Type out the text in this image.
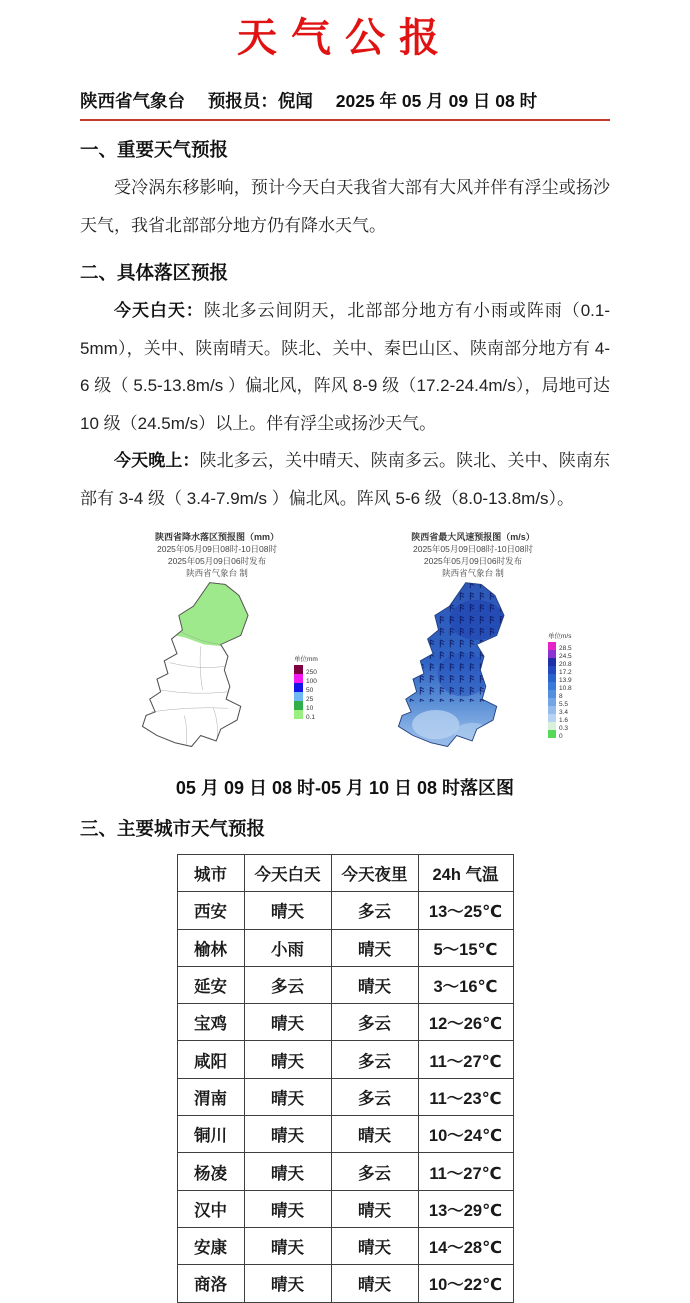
天气公报
陕西省气象台 预报员：倪闻 2025 年 05 月 09 日 08 时
一、重要天气预报

受冷涡东移影响，预计今天白天我省大部有大风并伴有浮尘或扬沙天气，我省北部部分地方仍有降水天气。

二、具体落区预报

今天白天：陕北多云间阴天，北部部分地方有小雨或阵雨（0.1-5mm），关中、陕南晴天。陕北、关中、秦巴山区、陕南部分地方有 4-6 级（ 5.5-13.8m/s ）偏北风，阵风 8-9 级（17.2-24.4m/s），局地可达 10 级（24.5m/s）以上。伴有浮尘或扬沙天气。

今天晚上：陕北多云，关中晴天、陕南多云。陕北、关中、陕南东部有 3-4 级（ 3.4-7.9m/s ）偏北风。阵风 5-6 级（8.0-13.8m/s）。

陕西省降水落区预报图（mm）
2025年05月09日08时-10日08时
2025年05月09日06时发布
陕西省气象台 制

单位mm
250
100
50
25
10
0.1

陕西省最大风速预报图（m/s）
2025年05月09日08时-10日08时
2025年05月09日06时发布
陕西省气象台 制

单位m/s
28.5
24.5
20.8
17.2
13.9
10.8
8
5.5
3.4
1.6
0.3
0
05 月 09 日 08 时-05 月 10 日 08 时落区图
三、主要城市天气预报
城市	今天白天	今天夜里	24h 气温
西安	晴天	多云	13～25℃
榆林	小雨	晴天	5～15℃
延安	多云	晴天	3～16℃
宝鸡	晴天	多云	12～26℃
咸阳	晴天	多云	11～27℃
渭南	晴天	多云	11～23℃
铜川	晴天	晴天	10～24℃
杨凌	晴天	多云	11～27℃
汉中	晴天	晴天	13～29℃
安康	晴天	晴天	14～28℃
商洛	晴天	晴天	10～22℃
